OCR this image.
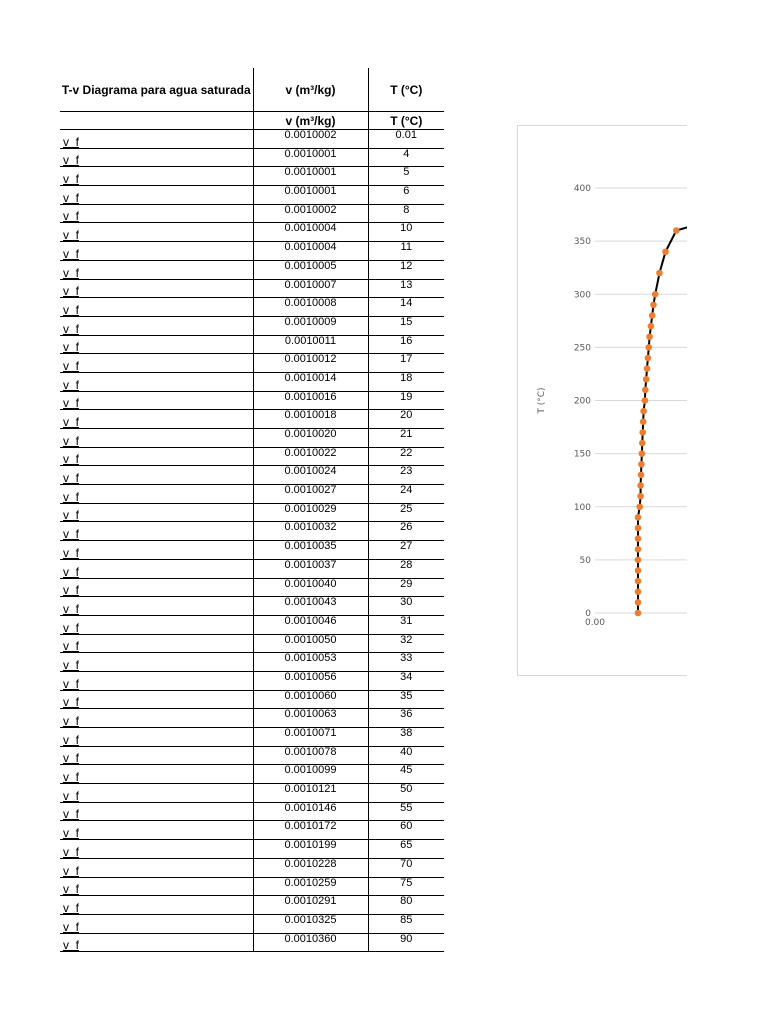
T-v Diagrama para agua saturada	v (m³/kg)	T (°C)
	v (m³/kg)	T (°C)
v_f	0.0010002	0.01
v_f	0.0010001	4
v_f	0.0010001	5
v_f	0.0010001	6
v_f	0.0010002	8
v_f	0.0010004	10
v_f	0.0010004	11
v_f	0.0010005	12
v_f	0.0010007	13
v_f	0.0010008	14
v_f	0.0010009	15
v_f	0.0010011	16
v_f	0.0010012	17
v_f	0.0010014	18
v_f	0.0010016	19
v_f	0.0010018	20
v_f	0.0010020	21
v_f	0.0010022	22
v_f	0.0010024	23
v_f	0.0010027	24
v_f	0.0010029	25
v_f	0.0010032	26
v_f	0.0010035	27
v_f	0.0010037	28
v_f	0.0010040	29
v_f	0.0010043	30
v_f	0.0010046	31
v_f	0.0010050	32
v_f	0.0010053	33
v_f	0.0010056	34
v_f	0.0010060	35
v_f	0.0010063	36
v_f	0.0010071	38
v_f	0.0010078	40
v_f	0.0010099	45
v_f	0.0010121	50
v_f	0.0010146	55
v_f	0.0010172	60
v_f	0.0010199	65
v_f	0.0010228	70
v_f	0.0010259	75
v_f	0.0010291	80
v_f	0.0010325	85
v_f	0.0010360	90
0
50
100
150
200
250
300
350
400
0.00
T (°C)
